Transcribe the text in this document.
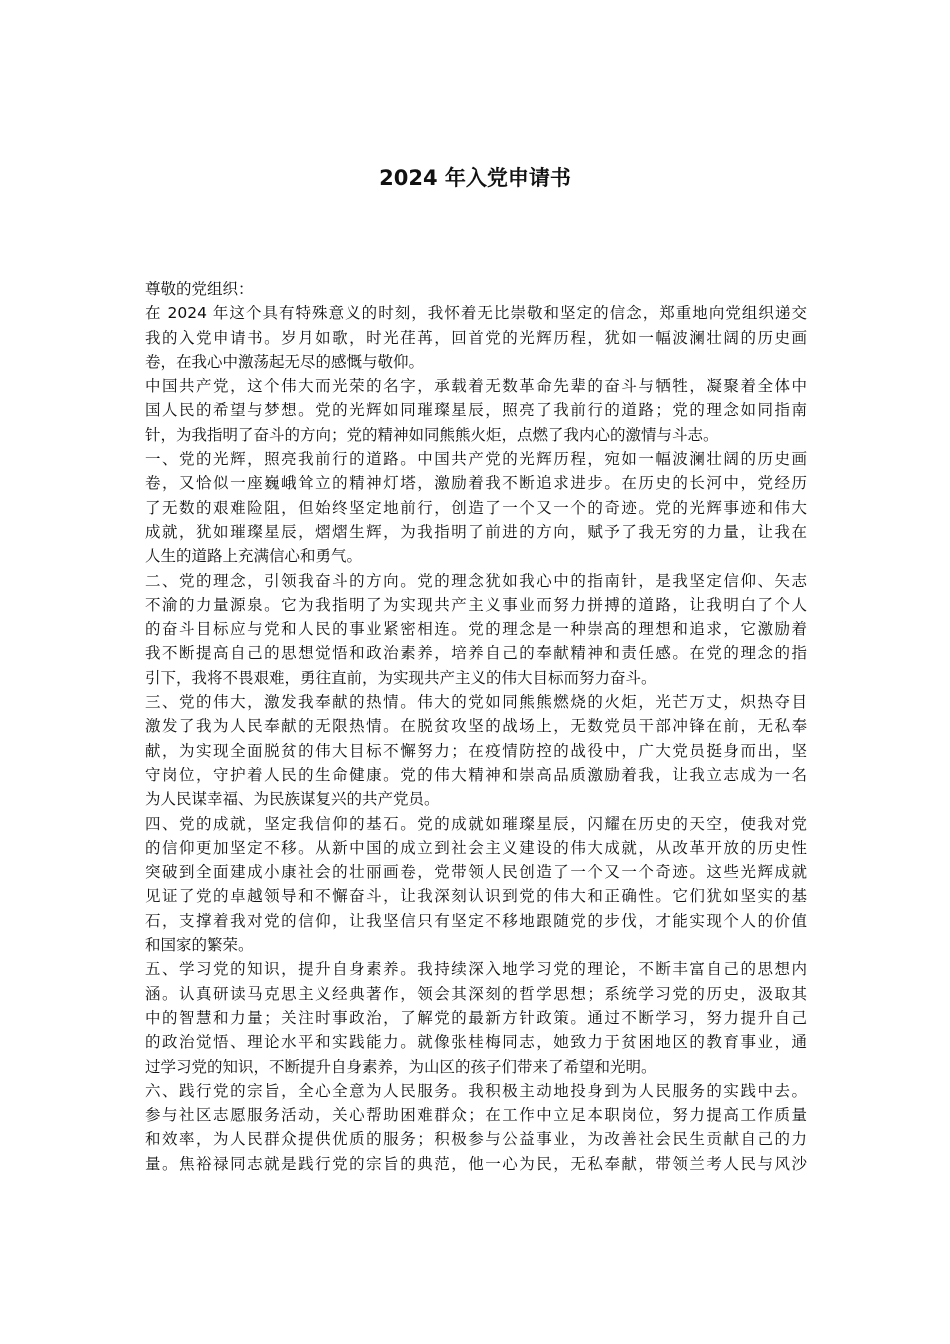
2024 年入党申请书
尊敬的党组织：
在 2024 年这个具有特殊意义的时刻，我怀着无比崇敬和坚定的信念，郑重地向党组织递交
我的入党申请书。岁月如歌，时光荏苒，回首党的光辉历程，犹如一幅波澜壮阔的历史画
卷，在我心中激荡起无尽的感慨与敬仰。
中国共产党，这个伟大而光荣的名字，承载着无数革命先辈的奋斗与牺牲，凝聚着全体中
国人民的希望与梦想。党的光辉如同璀璨星辰，照亮了我前行的道路；党的理念如同指南
针，为我指明了奋斗的方向；党的精神如同熊熊火炬，点燃了我内心的激情与斗志。
一、党的光辉，照亮我前行的道路。中国共产党的光辉历程，宛如一幅波澜壮阔的历史画
卷，又恰似一座巍峨耸立的精神灯塔，激励着我不断追求进步。在历史的长河中，党经历
了无数的艰难险阻，但始终坚定地前行，创造了一个又一个的奇迹。党的光辉事迹和伟大
成就，犹如璀璨星辰，熠熠生辉，为我指明了前进的方向，赋予了我无穷的力量，让我在
人生的道路上充满信心和勇气。
二、党的理念，引领我奋斗的方向。党的理念犹如我心中的指南针，是我坚定信仰、矢志
不渝的力量源泉。它为我指明了为实现共产主义事业而努力拼搏的道路，让我明白了个人
的奋斗目标应与党和人民的事业紧密相连。党的理念是一种崇高的理想和追求，它激励着
我不断提高自己的思想觉悟和政治素养，培养自己的奉献精神和责任感。在党的理念的指
引下，我将不畏艰难，勇往直前，为实现共产主义的伟大目标而努力奋斗。
三、党的伟大，激发我奉献的热情。伟大的党如同熊熊燃烧的火炬，光芒万丈，炽热夺目
激发了我为人民奉献的无限热情。在脱贫攻坚的战场上，无数党员干部冲锋在前，无私奉
献，为实现全面脱贫的伟大目标不懈努力；在疫情防控的战役中，广大党员挺身而出，坚
守岗位，守护着人民的生命健康。党的伟大精神和崇高品质激励着我，让我立志成为一名
为人民谋幸福、为民族谋复兴的共产党员。
四、党的成就，坚定我信仰的基石。党的成就如璀璨星辰，闪耀在历史的天空，使我对党
的信仰更加坚定不移。从新中国的成立到社会主义建设的伟大成就，从改革开放的历史性
突破到全面建成小康社会的壮丽画卷，党带领人民创造了一个又一个奇迹。这些光辉成就
见证了党的卓越领导和不懈奋斗，让我深刻认识到党的伟大和正确性。它们犹如坚实的基
石，支撑着我对党的信仰，让我坚信只有坚定不移地跟随党的步伐，才能实现个人的价值
和国家的繁荣。
五、学习党的知识，提升自身素养。我持续深入地学习党的理论，不断丰富自己的思想内
涵。认真研读马克思主义经典著作，领会其深刻的哲学思想；系统学习党的历史，汲取其
中的智慧和力量；关注时事政治，了解党的最新方针政策。通过不断学习，努力提升自己
的政治觉悟、理论水平和实践能力。就像张桂梅同志，她致力于贫困地区的教育事业，通
过学习党的知识，不断提升自身素养，为山区的孩子们带来了希望和光明。
六、践行党的宗旨，全心全意为人民服务。我积极主动地投身到为人民服务的实践中去。
参与社区志愿服务活动，关心帮助困难群众；在工作中立足本职岗位，努力提高工作质量
和效率，为人民群众提供优质的服务；积极参与公益事业，为改善社会民生贡献自己的力
量。焦裕禄同志就是践行党的宗旨的典范，他一心为民，无私奉献，带领兰考人民与风沙
